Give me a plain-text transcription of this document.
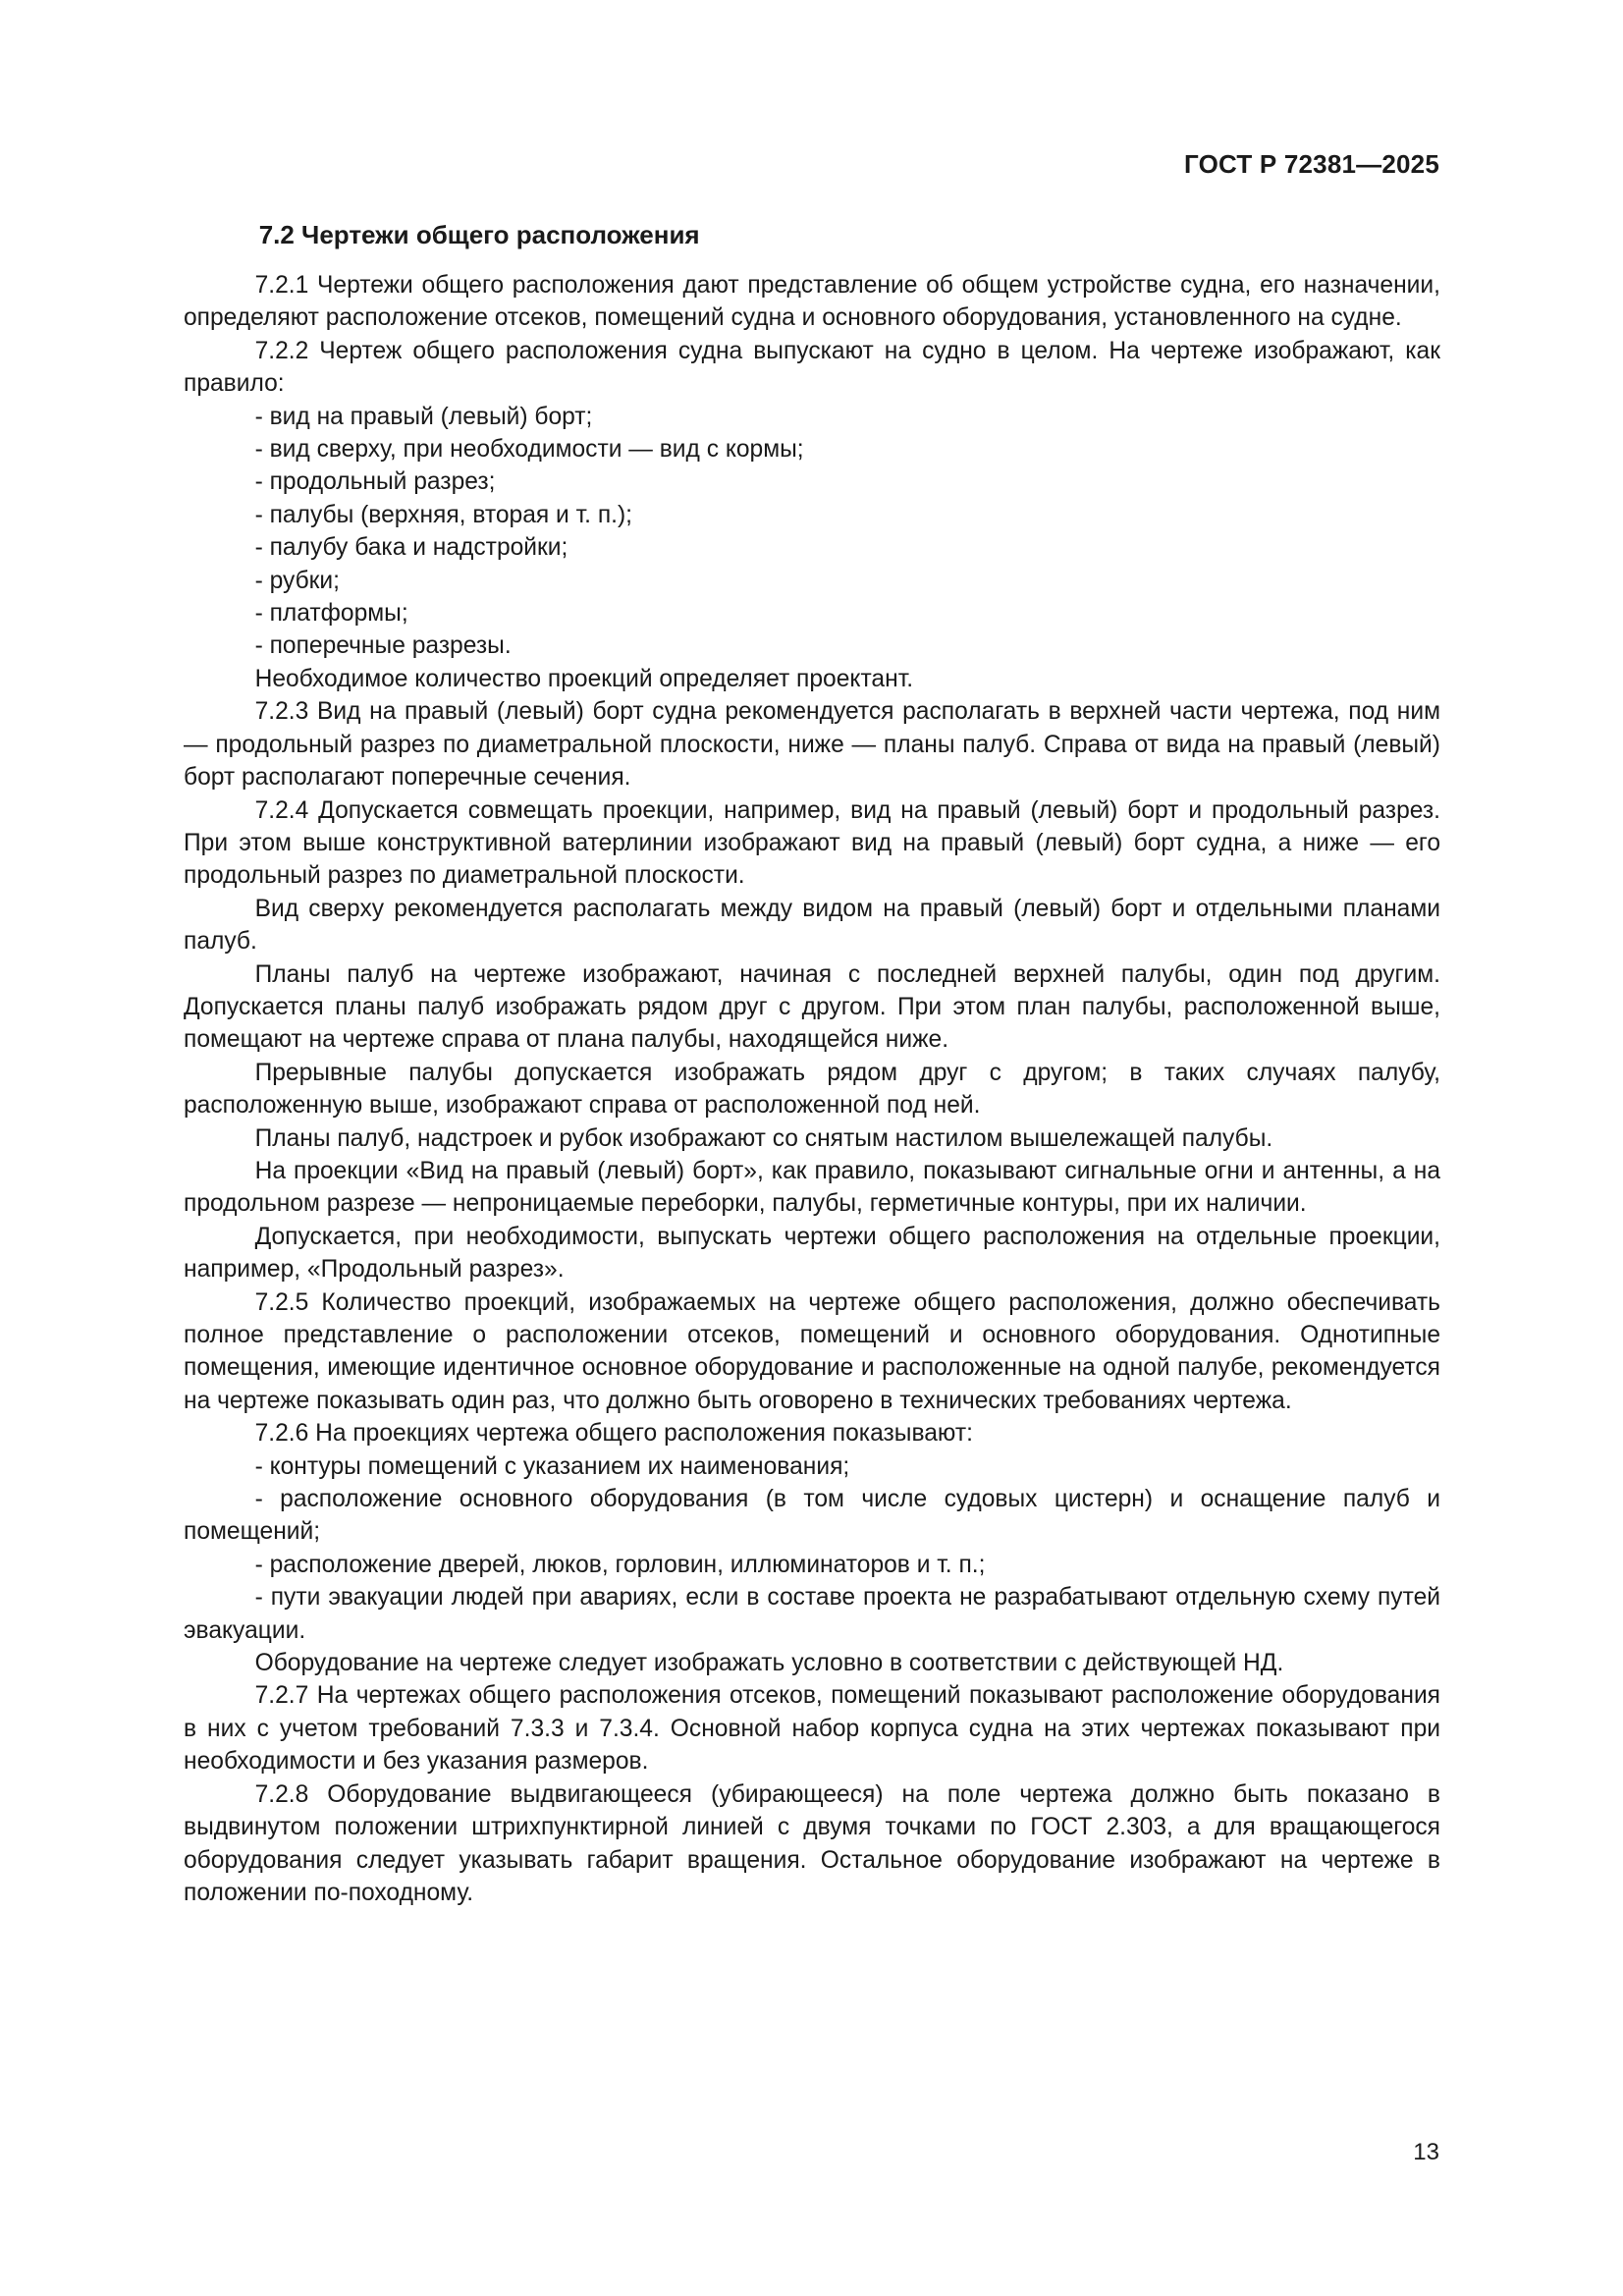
ГОСТ Р 72381—2025
7.2 Чертежи общего расположения

7.2.1 Чертежи общего расположения дают представление об общем устройстве судна, его назначении, определяют расположение отсеков, помещений судна и основного оборудования, установленного на судне.

7.2.2 Чертеж общего расположения судна выпускают на судно в целом. На чертеже изображают, как правило:

- вид на правый (левый) борт;
- вид сверху, при необходимости — вид с кормы;
- продольный разрез;
- палубы (верхняя, вторая и т. п.);
- палубу бака и надстройки;
- рубки;
- платформы;
- поперечные разрезы.

Необходимое количество проекций определяет проектант.

7.2.3 Вид на правый (левый) борт судна рекомендуется располагать в верхней части чертежа, под ним — продольный разрез по диаметральной плоскости, ниже — планы палуб. Справа от вида на правый (левый) борт располагают поперечные сечения.

7.2.4 Допускается совмещать проекции, например, вид на правый (левый) борт и продольный разрез. При этом выше конструктивной ватерлинии изображают вид на правый (левый) борт судна, а ниже — его продольный разрез по диаметральной плоскости.

Вид сверху рекомендуется располагать между видом на правый (левый) борт и отдельными планами палуб.

Планы палуб на чертеже изображают, начиная с последней верхней палубы, один под другим. Допускается планы палуб изображать рядом друг с другом. При этом план палубы, расположенной выше, помещают на чертеже справа от плана палубы, находящейся ниже.

Прерывные палубы допускается изображать рядом друг с другом; в таких случаях палубу, расположенную выше, изображают справа от расположенной под ней.

Планы палуб, надстроек и рубок изображают со снятым настилом вышележащей палубы.

На проекции «Вид на правый (левый) борт», как правило, показывают сигнальные огни и антенны, а на продольном разрезе — непроницаемые переборки, палубы, герметичные контуры, при их наличии.

Допускается, при необходимости, выпускать чертежи общего расположения на отдельные проекции, например, «Продольный разрез».

7.2.5 Количество проекций, изображаемых на чертеже общего расположения, должно обеспечивать полное представление о расположении отсеков, помещений и основного оборудования. Однотипные помещения, имеющие идентичное основное оборудование и расположенные на одной палубе, рекомендуется на чертеже показывать один раз, что должно быть оговорено в технических требованиях чертежа.

7.2.6 На проекциях чертежа общего расположения показывают:

- контуры помещений с указанием их наименования;

- расположение основного оборудования (в том числе судовых цистерн) и оснащение палуб и помещений;

- расположение дверей, люков, горловин, иллюминаторов и т. п.;

- пути эвакуации людей при авариях, если в составе проекта не разрабатывают отдельную схему путей эвакуации.

Оборудование на чертеже следует изображать условно в соответствии с действующей НД.

7.2.7 На чертежах общего расположения отсеков, помещений показывают расположение оборудования в них с учетом требований 7.3.3 и 7.3.4. Основной набор корпуса судна на этих чертежах показывают при необходимости и без указания размеров.

7.2.8 Оборудование выдвигающееся (убирающееся) на поле чертежа должно быть показано в выдвинутом положении штрихпунктирной линией с двумя точками по ГОСТ 2.303, а для вращающегося оборудования следует указывать габарит вращения. Остальное оборудование изображают на чертеже в положении по-походному.

13
